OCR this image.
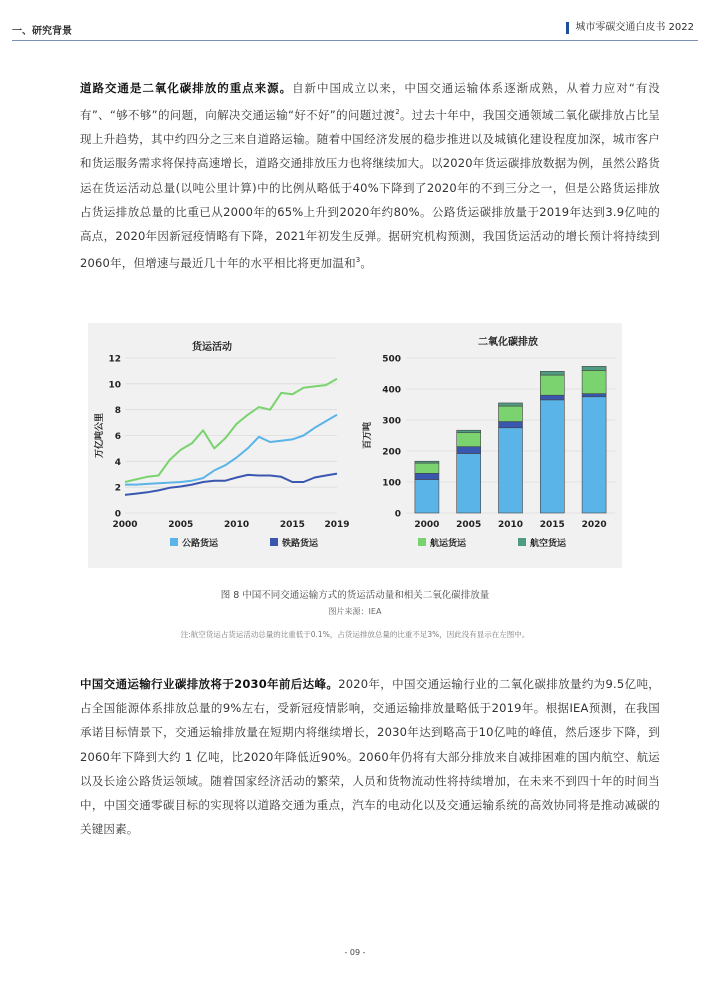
一、研究背景	城市零碳交通白皮书 2022
道路交通是二氧化碳排放的重点来源。自新中国成立以来，中国交通运输体系逐渐成熟，从着力应对“有没有”、“够不够”的问题，向解决交通运输“好不好”的问题过渡$^2$。过去十年中，我国交通领域二氧化碳排放占比呈现上升趋势，其中约四分之三来自道路运输。随着中国经济发展的稳步推进以及城镇化建设程度加深，城市客户和货运服务需求将保持高速增长，道路交通排放压力也将继续加大。以2020年货运碳排放数据为例，虽然公路货运在货运活动总量(以吨公里计算)中的比例从略低于40%下降到了2020年的不到三分之一，但是公路货运排放占货运排放总量的比重已从2000年的65%上升到2020年约80%。公路货运碳排放量于2019年达到3.9亿吨的高点，2020年因新冠疫情略有下降，2021年初发生反弹。据研究机构预测，我国货运活动的增长预计将持续到2060年，但增速与最近几十年的水平相比将更加温和$^3$。
货运活动
万亿吨公里
0
2
4
6
8
10
12
2000	2005	2010	2015 2019
公路货运	铁路货运
二氧化碳排放
百万吨
0
100
200
300
400
500
2000 2005 2010 2015 2020
航运货运	航空货运
图 8 中国不同交通运输方式的货运活动量和相关二氧化碳排放量
图片来源：IEA
注:航空货运占货运活动总量的比重低于0.1%，占货运排放总量的比重不足3%，因此没有显示在左图中。
中国交通运输行业碳排放将于2030年前后达峰。2020年，中国交通运输行业的二氧化碳排放量约为9.5亿吨，占全国能源体系排放总量的9%左右，受新冠疫情影响，交通运输排放量略低于2019年。根据IEA预测，在我国承诺目标情景下，交通运输排放量在短期内将继续增长，2030年达到略高于10亿吨的峰值，然后逐步下降，到2060年下降到大约 1 亿吨，比2020年降低近90%。2060年仍将有大部分排放来自减排困难的国内航空、航运以及长途公路货运领域。随着国家经济活动的繁荣，人员和货物流动性将持续增加，在未来不到四十年的时间当中，中国交通零碳目标的实现将以道路交通为重点，汽车的电动化以及交通运输系统的高效协同将是推动减碳的关键因素。
- 09 -
